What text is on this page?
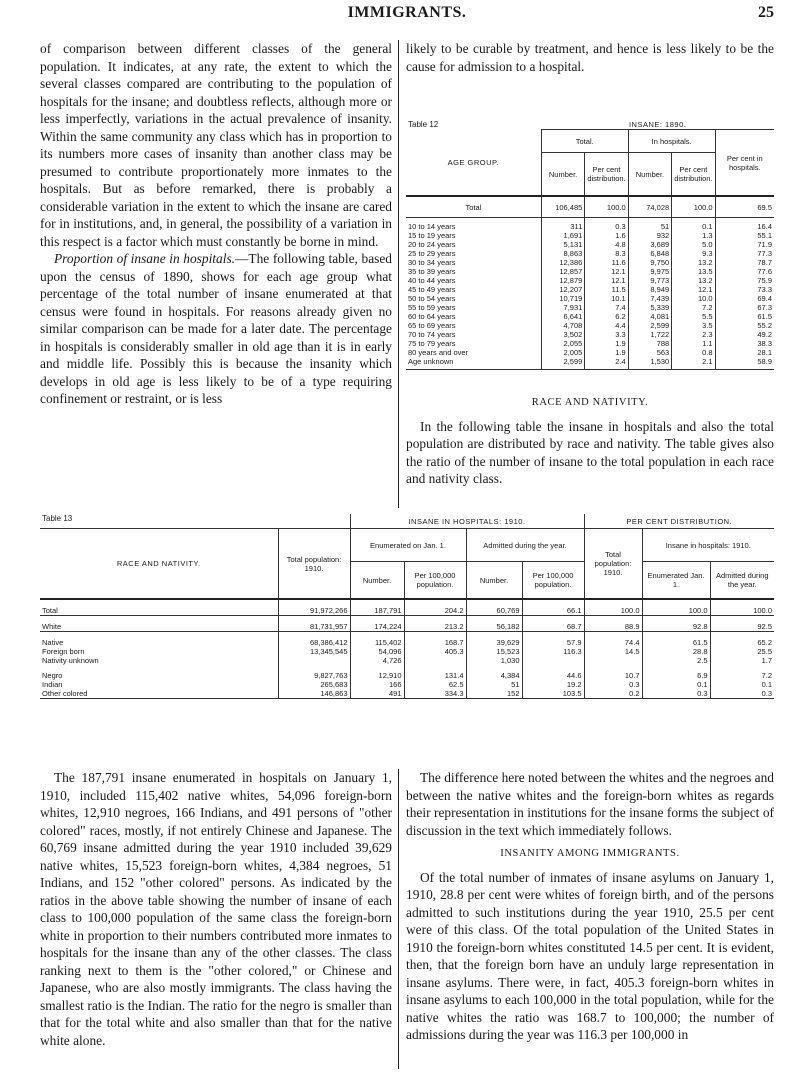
IMMIGRANTS.	25

of comparison between different classes of the general population. It indicates, at any rate, the extent to which the several classes compared are contributing to the population of hospitals for the insane; and doubtless reflects, although more or less imperfectly, variations in the actual prevalence of insanity. Within the same community any class which has in proportion to its numbers more cases of insanity than another class may be presumed to contribute proportionately more inmates to the hospitals. But as before remarked, there is probably a considerable variation in the extent to which the insane are cared for in institutions, and, in general, the possibility of a variation in this respect is a factor which must constantly be borne in mind.

Proportion of insane in hospitals.—The following table, based upon the census of 1890, shows for each age group what percentage of the total number of insane enumerated at that census were found in hospitals. For reasons already given no similar comparison can be made for a later date. The percentage in hospitals is considerably smaller in old age than it is in early and middle life. Possibly this is because the insanity which develops in old age is less likely to be of a type requiring confinement or restraint, or is less

likely to be curable by treatment, and hence is less likely to be the cause for admission to a hospital.

Table 12	INSANE: 1890.				
AGE GROUP.	Total.		In hospitals.		Per cent in hospitals.
	Number.	Per cent distribution.	Number.	Per cent distribution.	
Total	106,485	100.0	74,028	100.0	69.5
10 to 14 years	311	0.3	51	0.1	16.4
15 to 19 years	1,691	1.6	932	1.3	55.1
20 to 24 years	5,131	4.8	3,689	5.0	71.9
25 to 29 years	8,863	8.3	6,848	9.3	77.3
30 to 34 years	12,386	11.6	9,750	13.2	78.7
35 to 39 years	12,857	12.1	9,975	13.5	77.6
40 to 44 years	12,879	12.1	9,773	13.2	75.9
45 to 49 years	12,207	11.5	8,949	12.1	73.3
50 to 54 years	10,719	10.1	7,439	10.0	69.4
55 to 59 years	7,931	7.4	5,339	7.2	67.3
60 to 64 years	6,641	6.2	4,081	5.5	61.5
65 to 69 years	4,708	4.4	2,599	3.5	55.2
70 to 74 years	3,502	3.3	1,722	2.3	49.2
75 to 79 years	2,055	1.9	788	1.1	38.3
80 years and over	2,005	1.9	563	0.8	28.1
Age unknown	2,599	2.4	1,530	2.1	58.9
RACE AND NATIVITY.

In the following table the insane in hospitals and also the total population are distributed by race and nativity. The table gives also the ratio of the number of insane to the total population in each race and nativity class.

Table 13		INSANE IN HOSPITALS: 1910.				PER CENT DISTRIBUTION.		
RACE AND NATIVITY.	Total population: 1910.	Enumerated on Jan. 1.		Admitted during the year.		Total population: 1910.	Insane in hospitals: 1910.	
		Number.	Per 100,000 population.	Number.	Per 100,000 population.		Enumerated Jan. 1.	Admitted during the year.
Total	91,972,266	187,791	204.2	60,769	66.1	100.0	100.0	100.0
White	81,731,957	174,224	213.2	56,182	68.7	88.9	92.8	92.5
Native	68,386,412	115,402	168.7	39,629	57.9	74.4	61.5	65.2
Foreign born	13,345,545	54,096	405.3	15,523	116.3	14.5	28.8	25.5
Nativity unknown		4,726		1,030			2.5	1.7
Negro	9,827,763	12,910	131.4	4,384	44.6	10.7	6.9	7.2
Indian	265,683	166	62.5	51	19.2	0.3	0.1	0.1
Other colored	146,863	491	334.3	152	103.5	0.2	0.3	0.3

The 187,791 insane enumerated in hospitals on January 1, 1910, included 115,402 native whites, 54,096 foreign-born whites, 12,910 negroes, 166 Indians, and 491 persons of "other colored" races, mostly, if not entirely Chinese and Japanese. The 60,769 insane admitted during the year 1910 included 39,629 native whites, 15,523 foreign-born whites, 4,384 negroes, 51 Indians, and 152 "other colored" persons. As indicated by the ratios in the above table showing the number of insane of each class to 100,000 population of the same class the foreign-born white in proportion to their numbers contributed more inmates to hospitals for the insane than any of the other classes. The class ranking next to them is the "other colored," or Chinese and Japanese, who are also mostly immigrants. The class having the smallest ratio is the Indian. The ratio for the negro is smaller than that for the total white and also smaller than that for the native white alone.

The difference here noted between the whites and the negroes and between the native whites and the foreign-born whites as regards their representation in institutions for the insane forms the subject of discussion in the text which immediately follows.

INSANITY AMONG IMMIGRANTS.

Of the total number of inmates of insane asylums on January 1, 1910, 28.8 per cent were whites of foreign birth, and of the persons admitted to such institutions during the year 1910, 25.5 per cent were of this class. Of the total population of the United States in 1910 the foreign-born whites constituted 14.5 per cent. It is evident, then, that the foreign born have an unduly large representation in insane asylums. There were, in fact, 405.3 foreign-born whites in insane asylums to each 100,000 in the total population, while for the native whites the ratio was 168.7 to 100,000; the number of admissions during the year was 116.3 per 100,000 in
